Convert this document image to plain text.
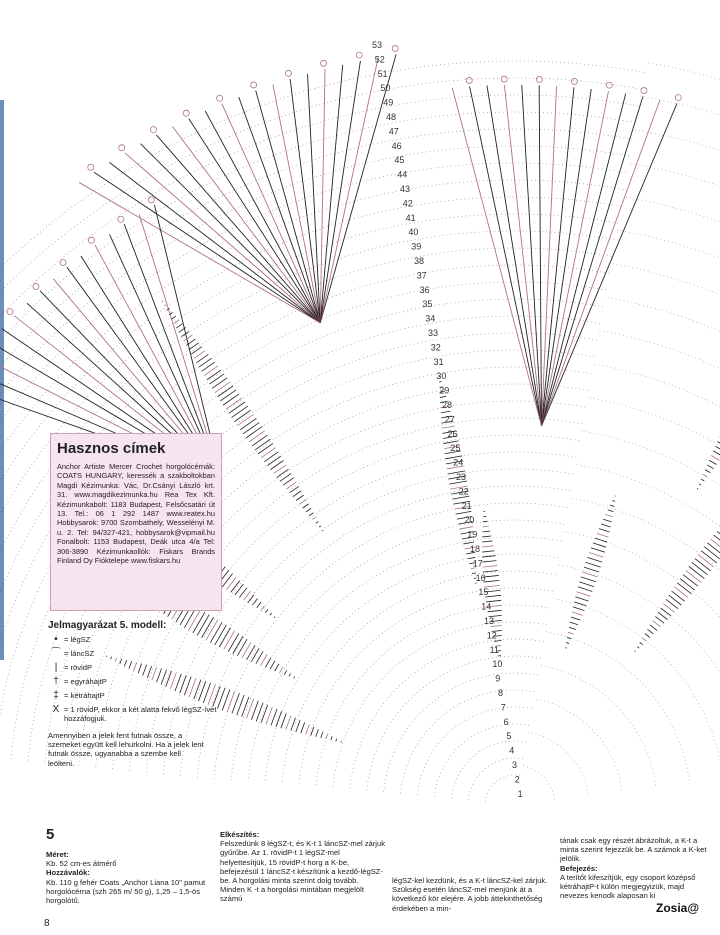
53
52
51
50
49
48
47
46
45
44
43
42
41
40
39
38
37
36
35
34
33
32
31
30
29
28
27
26
25
24
23
22
21
20
19
18
17
16
15
14
13
12
11
10
9
8
7
6
5
4
3
2
1
Hasznos címek
Anchor Artiste Mercer Crochet horgolócérnák: COATS HUNGARY, keressék a szakboltokban Magdi Kézimunka: Vác, Dr.Csányi László krt. 31. www.magdikezimunka.hu Rea Tex Kft. Kézimunkabolt: 1183 Budapest, Felsőcsatári út 13. Tel.: 06 1 292 1487 www.reatex.hu Hobbysarok: 9700 Szombathely, Wesselényi M. u. 2. Tel: 94/327-421, hobbysarok@vipmail.hu Fonalbolt: 1153 Budapest, Deák utca 4/a Tel: 306-3890 Kézimunkaollók: Fiskars Brands Finland Oy Fióktelepe www.fiskars.hu
Jelmagyarázat 5. modell:
• = légSZ
⌒ = láncSZ
| = rövidP
† = egyráhajtP
‡ = kétráhajtP
X = 1 rövidP, ekkor a két alatta fekvő légSZ-ívet hozzáfogjuk.
Amennyiben a jelek fent futnak össze, a szemeket együtt kell lehurkolni. Ha a jelek lent futnak össze, ugyanabba a szembe kell leölteni.
5
Méret:
Kb. 52 cm-es átmérő
Hozzávalók:
Kb. 110 g fehér Coats „Anchor Liana 10" pamut horgolócérna (szh 265 m/ 50 g), 1,25 – 1,5-ös horgolótű.
Elkészítés:
Felszedünk 8 légSZ-t, és K-t 1 láncSZ-mel zárjuk gyűrűbe. Az 1. rövidP-t 1 légSZ-mel helyettesítjük, 15 rövidP-t horg a K-be, befejezésül 1 láncSZ-t készítünk a kezdő-légSZ-be. A horgolási minta szerint dolg tovább. Minden K -t a horgolási mintában megjelölt számú
légSZ-kel kezdünk, és a K-t láncSZ-kel zárjuk. Szükség esetén láncSZ-mel menjünk át a következő kör elejére. A jobb áttekinthetőség érdekében a min-
tának csak egy részét ábrázoltuk, a K-t a minta szerint fejezzük be. A számok a K-ket jelölik.
Befejezés:
A terítőt kifeszítjük, egy csoport középső kétráhajtP-t külön megjegyizük, majd nevezes kenodk alaposan ki
8
Zosia@
